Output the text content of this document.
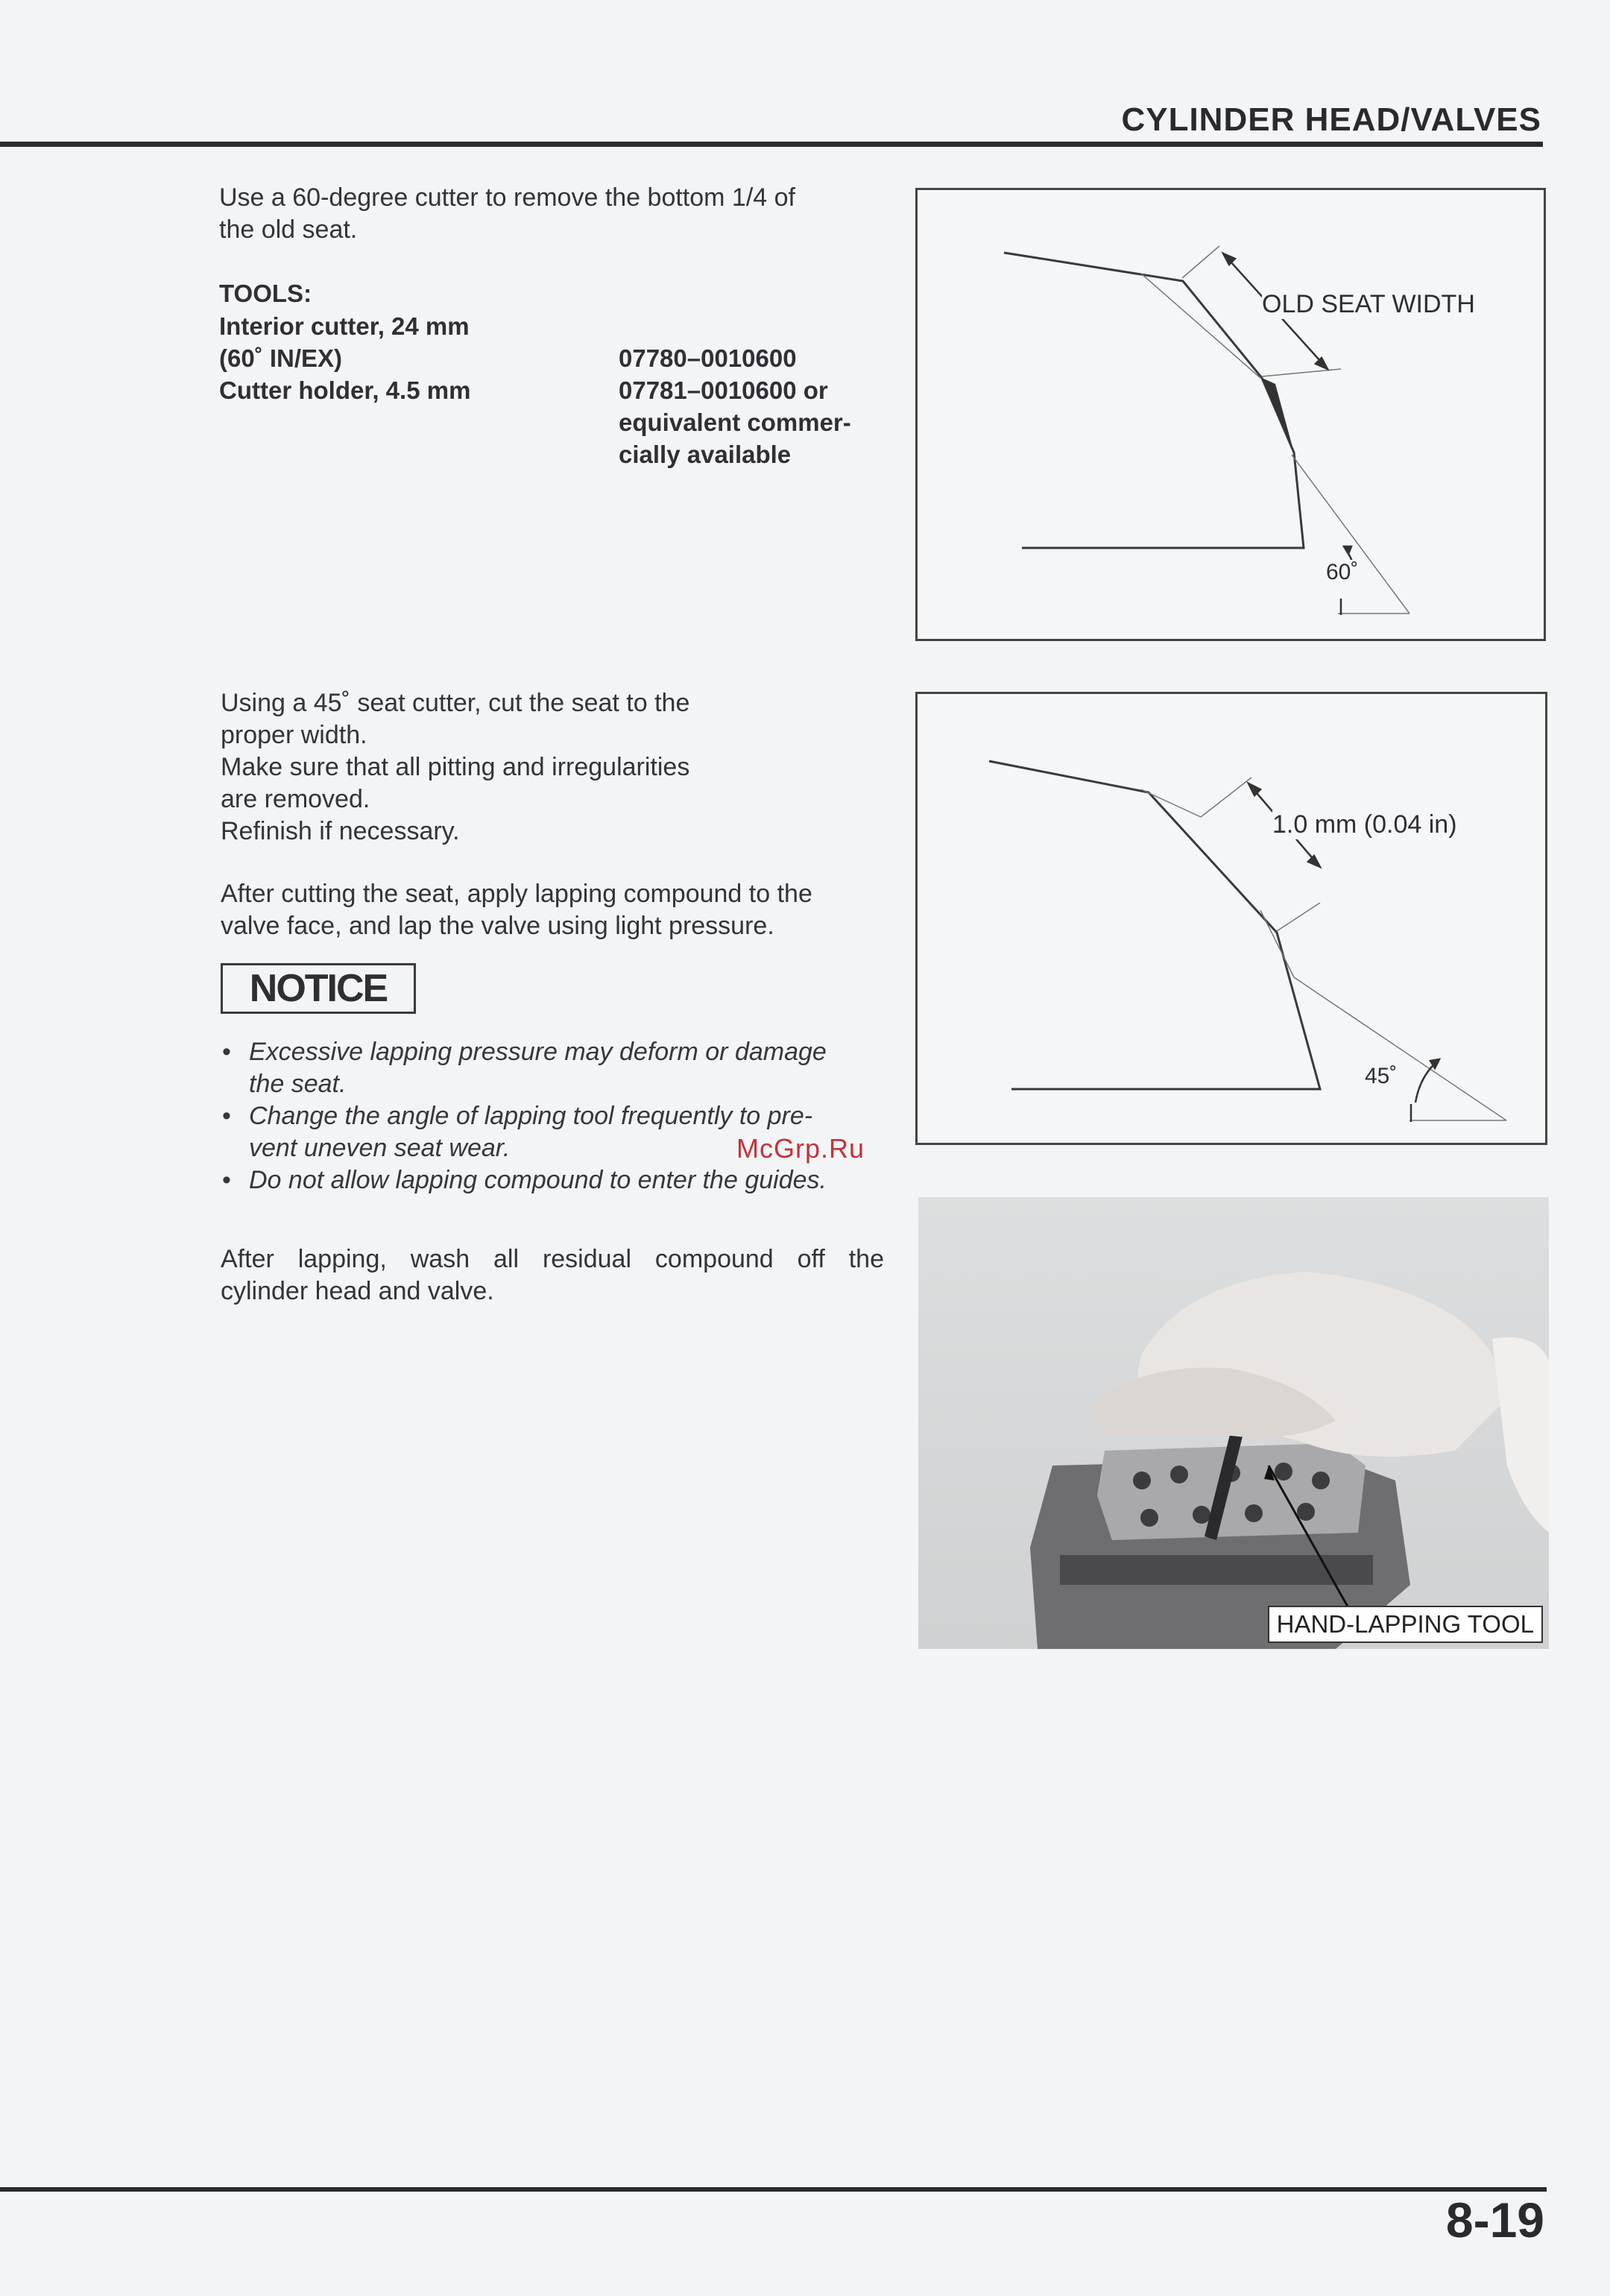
CYLINDER HEAD/VALVES
Use a 60-degree cutter to remove the bottom 1/4 of
the old seat.
TOOLS:
Interior cutter, 24 mm
(60˚ IN/EX)	07780–0010600
Cutter holder, 4.5 mm	07781–0010600 or
equivalent commer-
cially available
OLD SEAT WIDTH
60˚
Using a 45˚ seat cutter, cut the seat to the
proper width.
Make sure that all pitting and irregularities
are removed.
Refinish if necessary.
After cutting the seat, apply lapping compound to the
valve face, and lap the valve using light pressure.
1.0 mm (0.04 in)
45˚
NOTICE
• Excessive lapping pressure may deform or damage
the seat.
• Change the angle of lapping tool frequently to pre-
vent uneven seat wear.
• Do not allow lapping compound to enter the guides.
McGrp.Ru
After lapping, wash all residual compound off the
cylinder head and valve.
HAND-LAPPING TOOL
8-19
